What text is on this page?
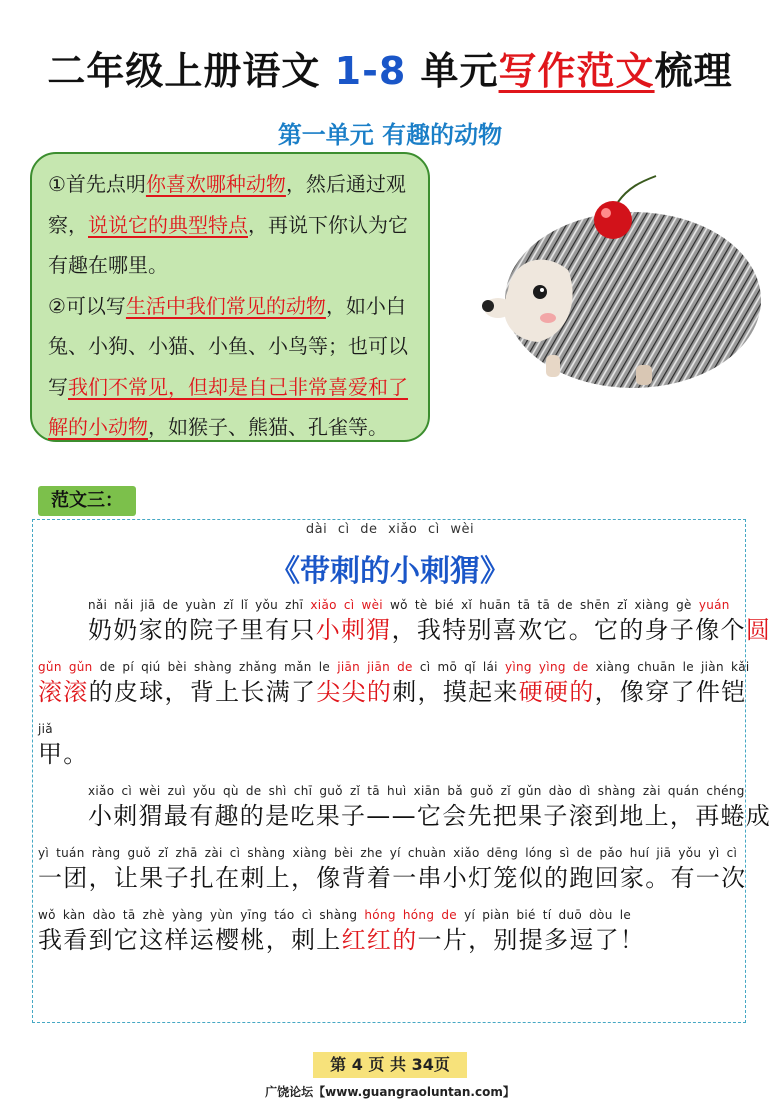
二年级上册语文 1-8 单元写作范文梳理
第一单元 有趣的动物

①首先点明你喜欢哪种动物，然后通过观察，说说它的典型特点，再说下你认为它有趣在哪里。

②可以写生活中我们常见的动物，如小白兔、小狗、小猫、小鱼、小鸟等；也可以写我们不常见，但却是自己非常喜爱和了解的小动物，如猴子、熊猫、孔雀等。

范文三：
dài cì de xiǎo cì wèi
《带刺的小刺猬》
nǎi nǎi jiā de yuàn zǐ lǐ yǒu zhī xiǎo cì wèi wǒ tè bié xǐ huān tā tā de shēn zǐ xiàng gè yuán
奶奶家的院子里有只小刺猬，我特别喜欢它。它的身子像个圆
gǔn gǔn de pí qiú bèi shàng zhǎng mǎn le jiān jiān de cì mō qǐ lái yìng yìng de xiàng chuān le jiàn kǎi
滚滚的皮球，背上长满了尖尖的刺，摸起来硬硬的，像穿了件铠
jiǎ
甲。
xiǎo cì wèi zuì yǒu qù de shì chī guǒ zǐ tā huì xiān bǎ guǒ zǐ gǔn dào dì shàng zài quán chéng
小刺猬最有趣的是吃果子——它会先把果子滚到地上，再蜷成
yì tuán ràng guǒ zǐ zhā zài cì shàng xiàng bèi zhe yí chuàn xiǎo dēng lóng sì de pǎo huí jiā yǒu yì cì
一团，让果子扎在刺上，像背着一串小灯笼似的跑回家。有一次
wǒ kàn dào tā zhè yàng yùn yīng táo cì shàng hóng hóng de yí piàn bié tí duō dòu le
我看到它这样运樱桃，刺上红红的一片，别提多逗了！
第 4 页 共 34页
广饶论坛【www.guangraoluntan.com】
